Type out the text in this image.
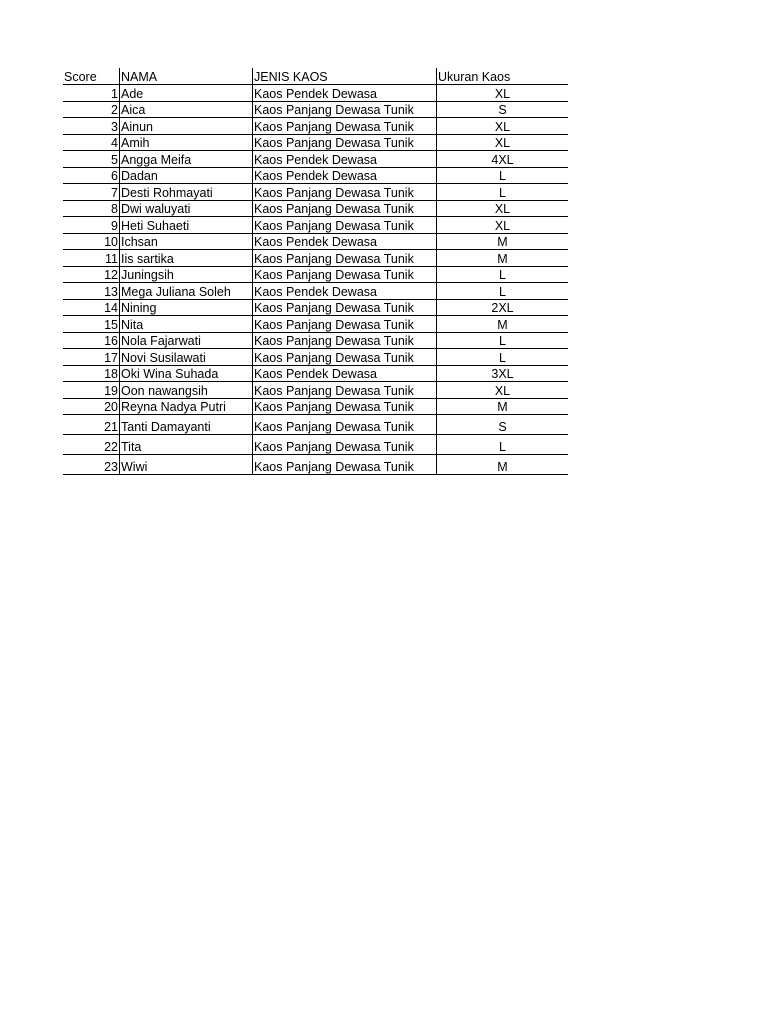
Score	NAMA	JENIS KAOS	Ukuran Kaos
1	Ade	Kaos Pendek Dewasa	XL
2	Aica	Kaos Panjang Dewasa Tunik	S
3	Ainun	Kaos Panjang Dewasa Tunik	XL
4	Amih	Kaos Panjang Dewasa Tunik	XL
5	Angga Meifa	Kaos Pendek Dewasa	4XL
6	Dadan	Kaos Pendek Dewasa	L
7	Desti Rohmayati	Kaos Panjang Dewasa Tunik	L
8	Dwi waluyati	Kaos Panjang Dewasa Tunik	XL
9	Heti Suhaeti	Kaos Panjang Dewasa Tunik	XL
10	Ichsan	Kaos Pendek Dewasa	M
11	Iis sartika	Kaos Panjang Dewasa Tunik	M
12	Juningsih	Kaos Panjang Dewasa Tunik	L
13	Mega Juliana Soleh	Kaos Pendek Dewasa	L
14	Nining	Kaos Panjang Dewasa Tunik	2XL
15	Nita	Kaos Panjang Dewasa Tunik	M
16	Nola Fajarwati	Kaos Panjang Dewasa Tunik	L
17	Novi Susilawati	Kaos Panjang Dewasa Tunik	L
18	Oki Wina Suhada	Kaos Pendek Dewasa	3XL
19	Oon nawangsih	Kaos Panjang Dewasa Tunik	XL
20	Reyna Nadya Putri	Kaos Panjang Dewasa Tunik	M
21	Tanti Damayanti	Kaos Panjang Dewasa Tunik	S
22	Tita	Kaos Panjang Dewasa Tunik	L
23	Wiwi	Kaos Panjang Dewasa Tunik	M
